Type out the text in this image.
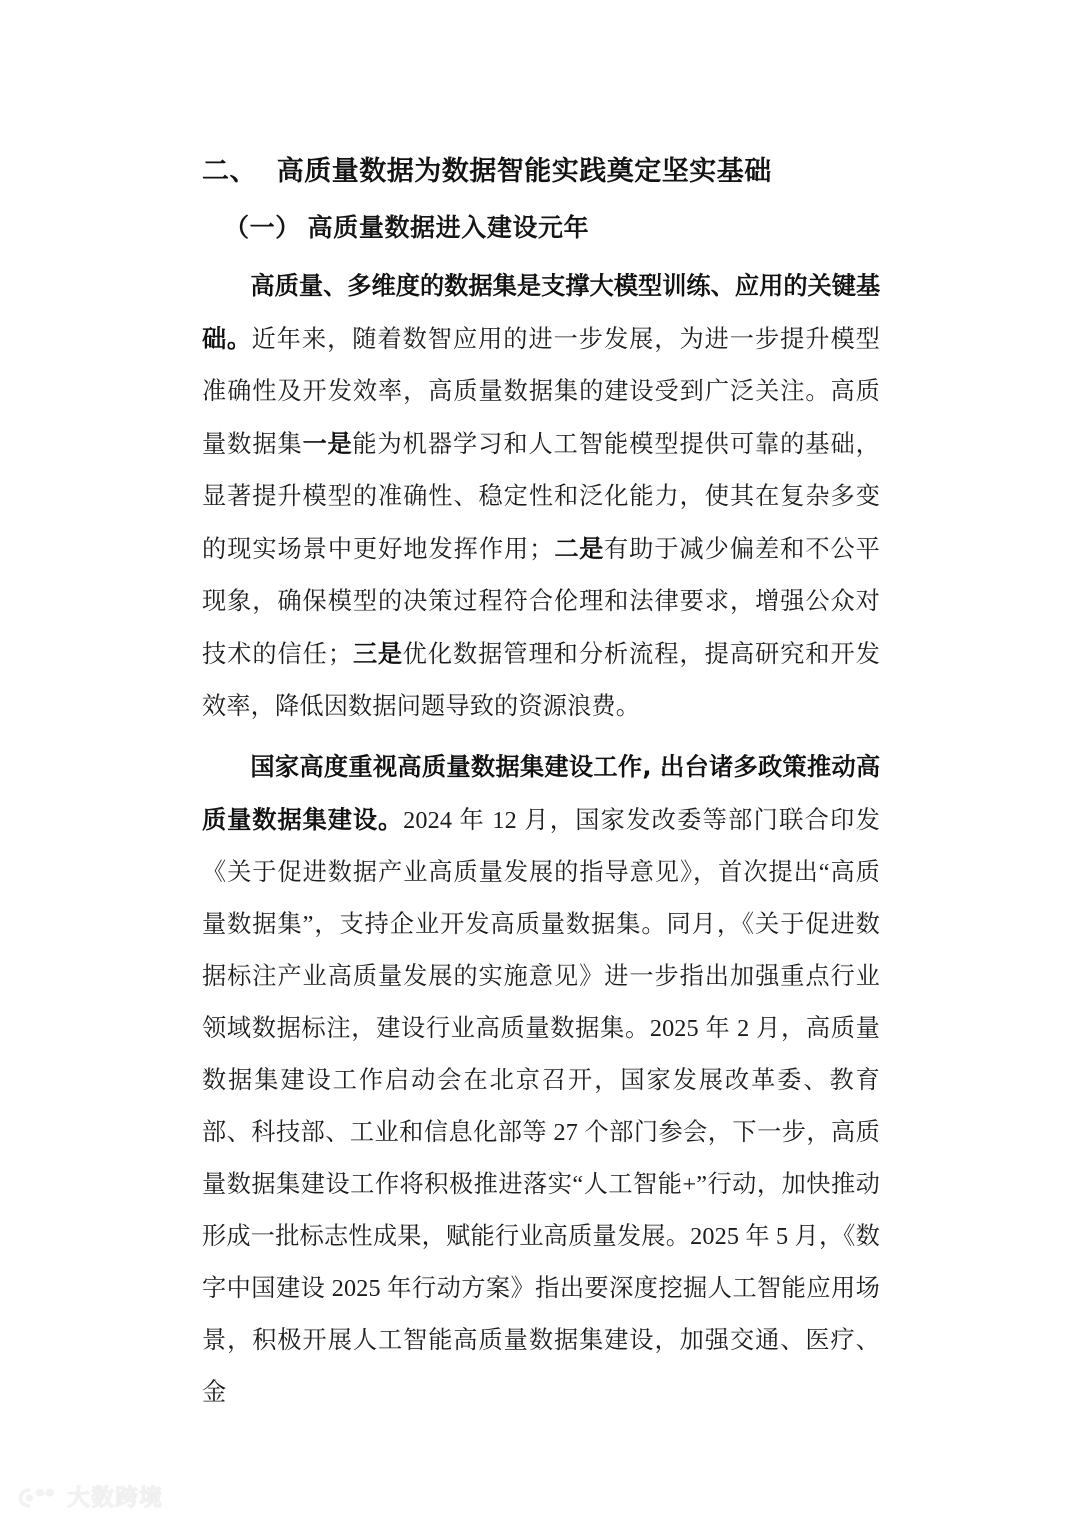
二、  高质量数据为数据智能实践奠定坚实基础
（一） 高质量数据进入建设元年

高质量、多维度的数据集是支撑大模型训练、应用的关键基础。近年来，随着数智应用的进一步发展，为进一步提升模型准确性及开发效率，高质量数据集的建设受到广泛关注。高质量数据集一是能为机器学习和人工智能模型提供可靠的基础，显著提升模型的准确性、稳定性和泛化能力，使其在复杂多变的现实场景中更好地发挥作用；二是有助于减少偏差和不公平现象，确保模型的决策过程符合伦理和法律要求，增强公众对技术的信任；三是优化数据管理和分析流程，提高研究和开发效率，降低因数据问题导致的资源浪费。

国家高度重视高质量数据集建设工作, 出台诸多政策推动高质量数据集建设。2024 年 12 月，国家发改委等部门联合印发《关于促进数据产业高质量发展的指导意见》，首次提出“高质量数据集”，支持企业开发高质量数据集。同月，《关于促进数据标注产业高质量发展的实施意见》进一步指出加强重点行业领域数据标注，建设行业高质量数据集。2025 年 2 月，高质量数据集建设工作启动会在北京召开，国家发展改革委、教育部、科技部、工业和信息化部等 27 个部门参会，下一步，高质量数据集建设工作将积极推进落实“人工智能+”行动，加快推动形成一批标志性成果，赋能行业高质量发展。2025 年 5 月，《数字中国建设 2025 年行动方案》指出要深度挖掘人工智能应用场景，积极开展人工智能高质量数据集建设，加强交通、医疗、金

大数跨境
